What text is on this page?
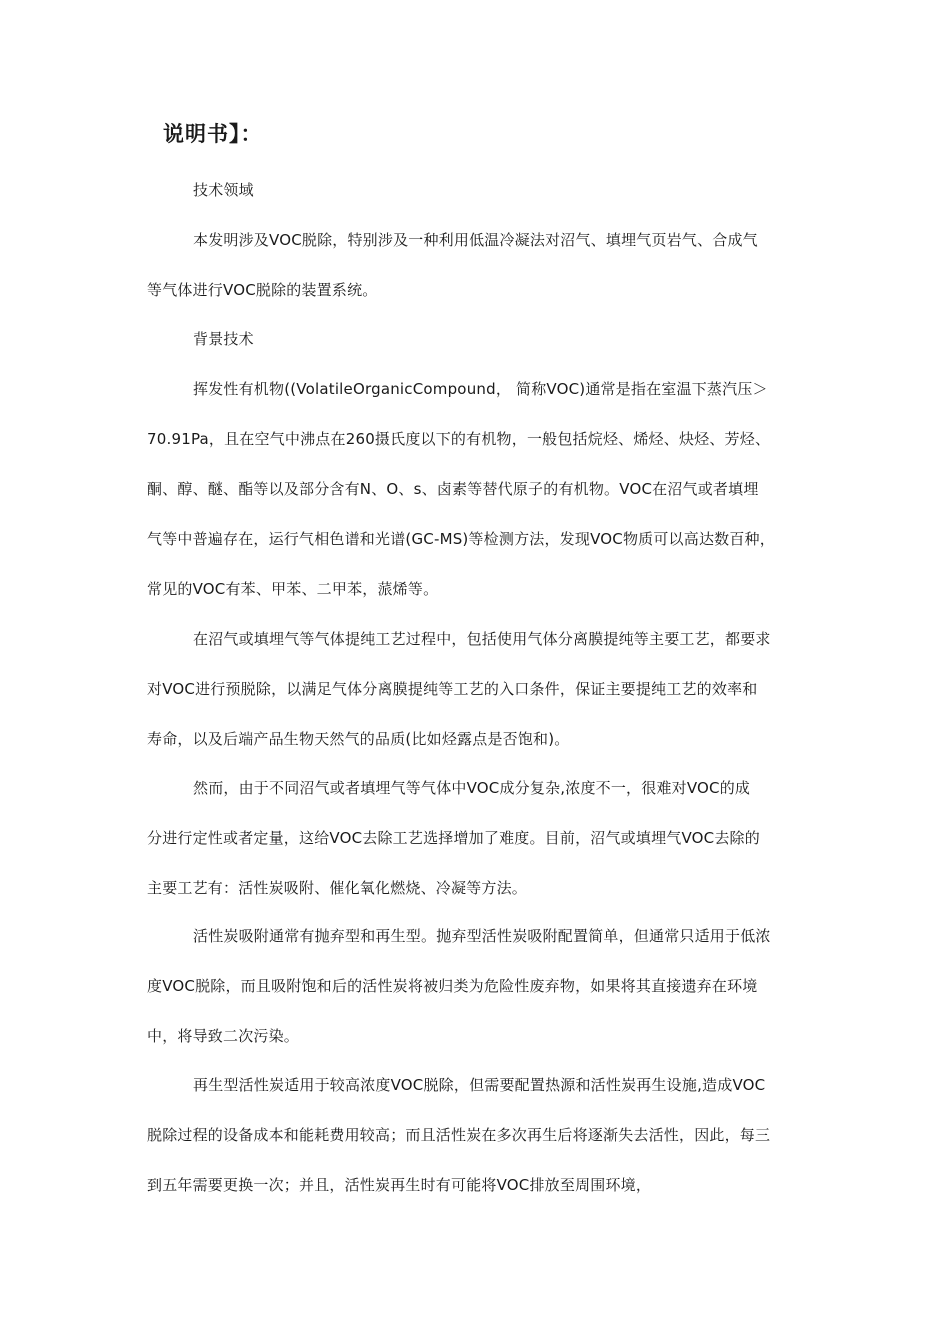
说明书】：
技术领域
本发明涉及VOC脱除，特别涉及一种利用低温冷凝法对沼气、填埋气页岩气、合成气
等气体进行VOC脱除的装置系统。
背景技术
挥发性有机物((VolatileOrganicCompound， 简称VOC)通常是指在室温下蒸汽压＞
70.91Pa，且在空气中沸点在260摄氏度以下的有机物，一般包括烷烃、烯烃、炔烃、芳烃、
酮、醇、醚、酯等以及部分含有N、O、s、卤素等替代原子的有机物。VOC在沼气或者填埋
气等中普遍存在，运行气相色谱和光谱(GC-MS)等检测方法，发现VOC物质可以高达数百种，
常见的VOC有苯、甲苯、二甲苯，蒎烯等。
在沼气或填埋气等气体提纯工艺过程中，包括使用气体分离膜提纯等主要工艺，都要求
对VOC进行预脱除，以满足气体分离膜提纯等工艺的入口条件，保证主要提纯工艺的效率和
寿命，以及后端产品生物天然气的品质(比如烃露点是否饱和)。
然而，由于不同沼气或者填埋气等气体中VOC成分复杂,浓度不一，很难对VOC的成
分进行定性或者定量，这给VOC去除工艺选择增加了难度。目前，沼气或填埋气VOC去除的
主要工艺有：活性炭吸附、催化氧化燃烧、冷凝等方法。
活性炭吸附通常有抛弃型和再生型。抛弃型活性炭吸附配置简单，但通常只适用于低浓
度VOC脱除，而且吸附饱和后的活性炭将被归类为危险性废弃物，如果将其直接遗弃在环境
中，将导致二次污染。
再生型活性炭适用于较高浓度VOC脱除，但需要配置热源和活性炭再生设施,造成VOC
脱除过程的设备成本和能耗费用较高；而且活性炭在多次再生后将逐渐失去活性，因此，每三
到五年需要更换一次；并且，活性炭再生时有可能将VOC排放至周围环境，
